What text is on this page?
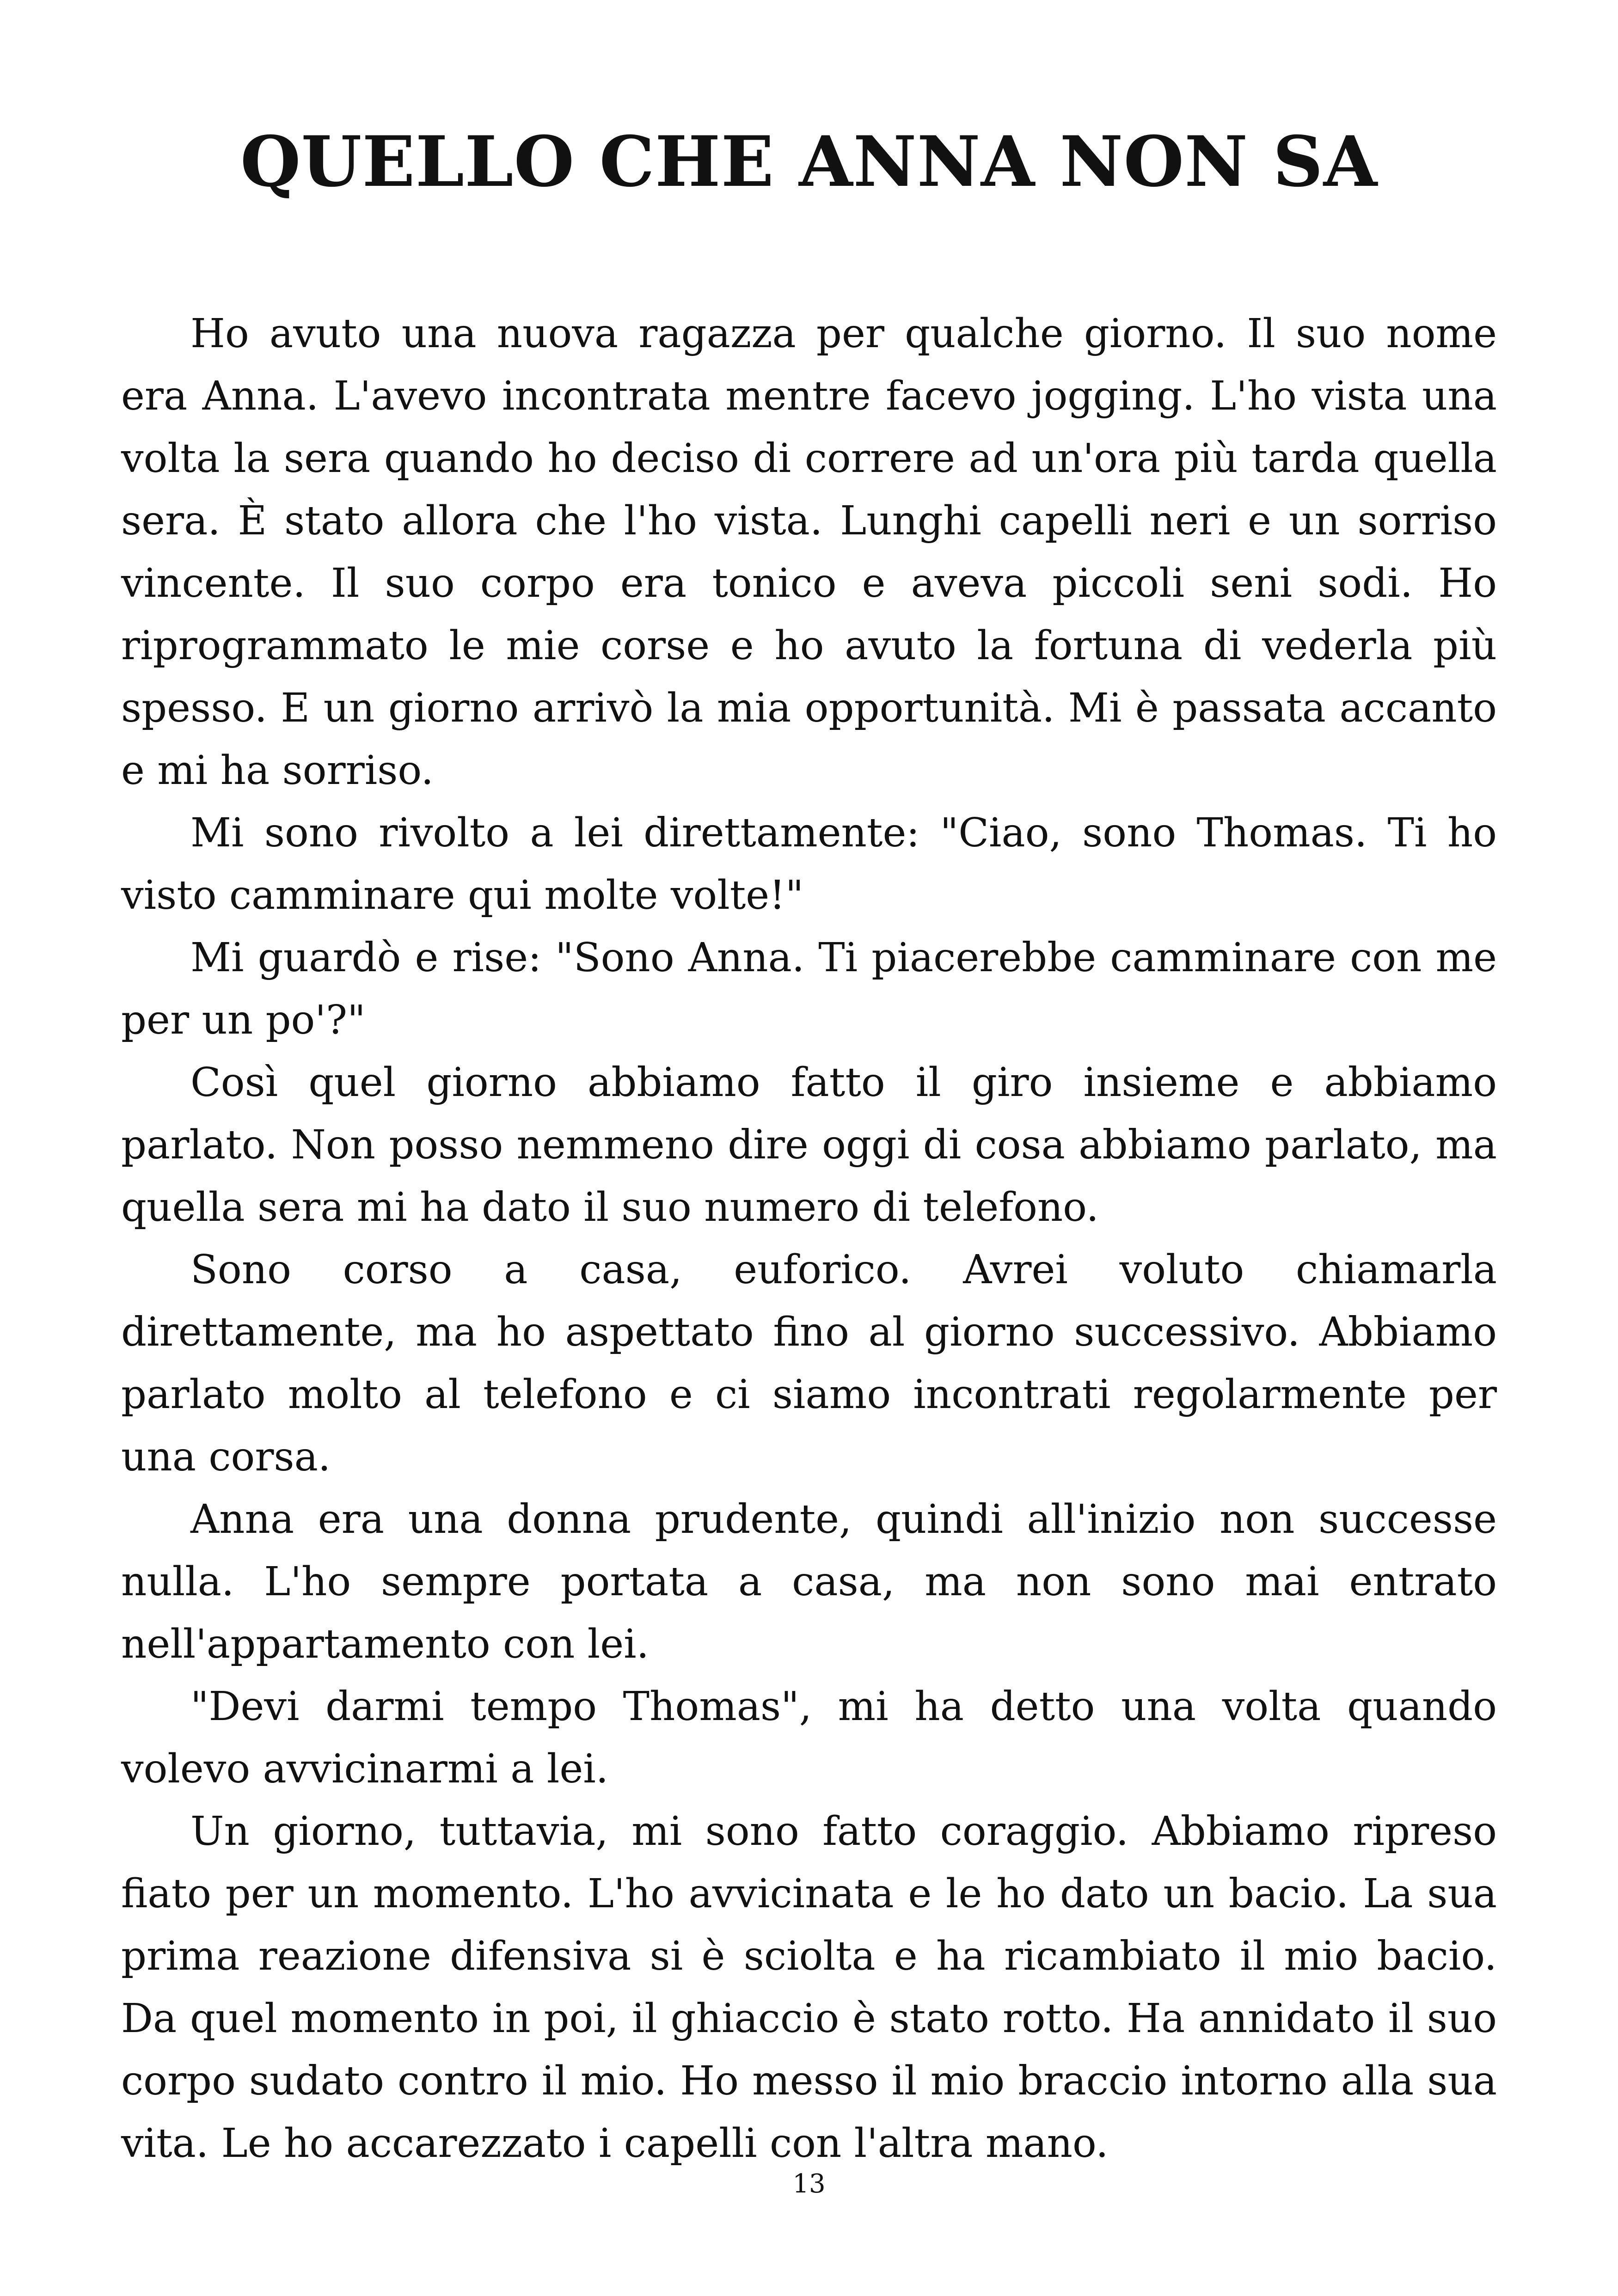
QUELLO CHE ANNA NON SA

Ho avuto una nuova ragazza per qualche giorno. Il suo nome era Anna. L'avevo incontrata mentre facevo jogging. L'ho vista una volta la sera quando ho deciso di correre ad un'ora più tarda quella sera. È stato allora che l'ho vista. Lunghi capelli neri e un sorriso vincente. Il suo corpo era tonico e aveva piccoli seni sodi. Ho riprogrammato le mie corse e ho avuto la fortuna di vederla più spesso. E un giorno arrivò la mia opportunità. Mi è passata accanto e mi ha sorriso.

Mi sono rivolto a lei direttamente: "Ciao, sono Thomas. Ti ho visto camminare qui molte volte!"

Mi guardò e rise: "Sono Anna. Ti piacerebbe camminare con me per un po'?"

Così quel giorno abbiamo fatto il giro insieme e abbiamo parlato. Non posso nemmeno dire oggi di cosa abbiamo parlato, ma quella sera mi ha dato il suo numero di telefono.

Sono corso a casa, euforico. Avrei voluto chiamarla direttamente, ma ho aspettato fino al giorno successivo. Abbiamo parlato molto al telefono e ci siamo incontrati regolarmente per una corsa.

Anna era una donna prudente, quindi all'inizio non successe nulla. L'ho sempre portata a casa, ma non sono mai entrato nell'appartamento con lei.

"Devi darmi tempo Thomas", mi ha detto una volta quando volevo avvicinarmi a lei.

Un giorno, tuttavia, mi sono fatto coraggio. Abbiamo ripreso fiato per un momento. L'ho avvicinata e le ho dato un bacio. La sua prima reazione difensiva si è sciolta e ha ricambiato il mio bacio. Da quel momento in poi, il ghiaccio è stato rotto. Ha annidato il suo corpo sudato contro il mio. Ho messo il mio braccio intorno alla sua vita. Le ho accarezzato i capelli con l'altra mano.

13
